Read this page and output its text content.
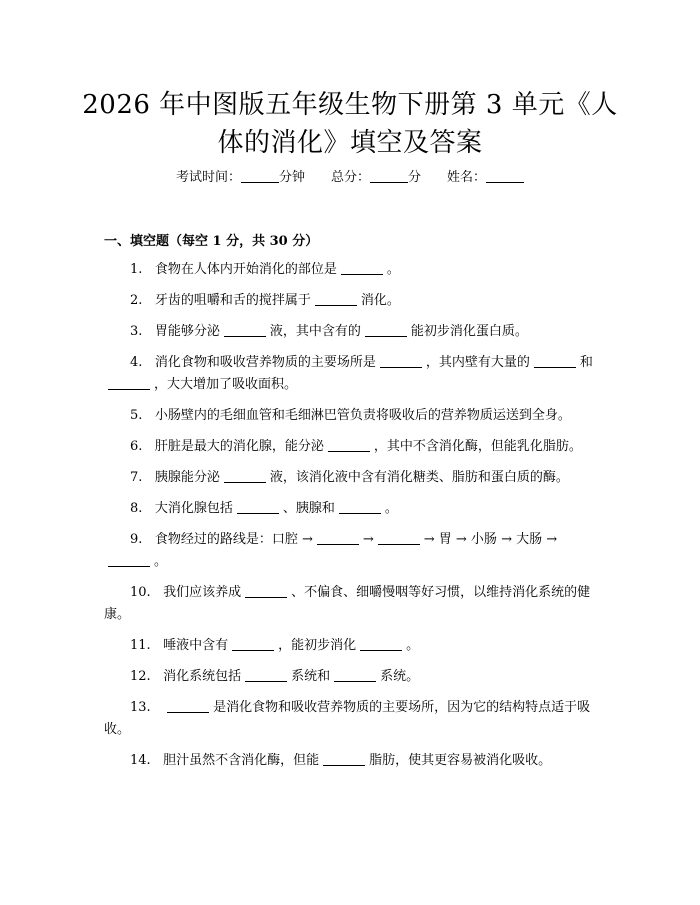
2026 年中图版五年级生物下册第 3 单元《人
体的消化》填空及答案
考试时间：	分钟 总分：	分 姓名：
一、填空题（每空 1 分，共 30 分）
1.   食物在人体内开始消化的部位是	。
2.   牙齿的咀嚼和舌的搅拌属于	消化。
3.   胃能够分泌	液，其中含有的	能初步消化蛋白质。
4.   消化食物和吸收营养物质的主要场所是	，其内壁有大量的	和，大大增加了吸收面积。
5.   小肠壁内的毛细血管和毛细淋巴管负责将吸收后的营养物质运送到全身。
6.   肝脏是最大的消化腺，能分泌	，其中不含消化酶，但能乳化脂肪。
7.   胰腺能分泌	液，该消化液中含有消化糖类、脂肪和蛋白质的酶。
8.   大消化腺包括	、胰腺和	。
9.   食物经过的路线是：口腔 →	→	→ 胃 → 小肠 → 大肠 →。
10.   我们应该养成	、不偏食、细嚼慢咽等好习惯，以维持消化系统的健康。
11.   唾液中含有	，能初步消化	。
12.   消化系统包括	系统和	系统。
13.	是消化食物和吸收营养物质的主要场所，因为它的结构特点适于吸收。
14.   胆汁虽然不含消化酶，但能	脂肪，使其更容易被消化吸收。
